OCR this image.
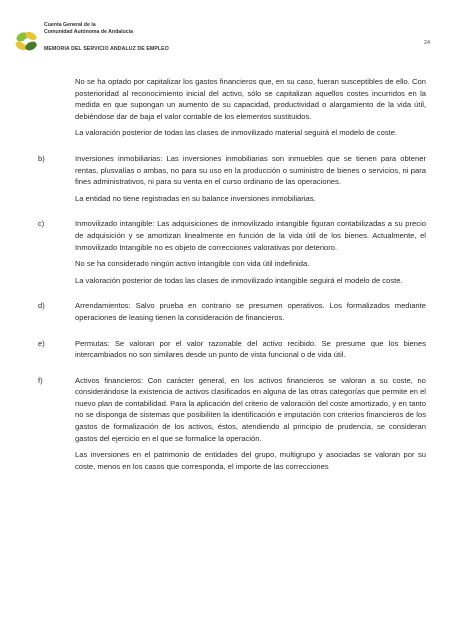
Cuenta General de la
Comunidad Autónoma de Andalucía
MEMORIA DEL SERVICIO ANDALUZ DE EMPLEO
24

No se ha optado por capitalizar los gastos financieros que, en su caso, fueran susceptibles de ello. Con posterioridad al reconocimiento inicial del activo, sólo se capitalizan aquellos costes incurridos en la medida en que supongan un aumento de su capacidad, productividad o alargamiento de la vida útil, debiéndose dar de baja el valor contable de los elementos sustituidos.

La valoración posterior de todas las clases de inmovilizado material seguirá el modelo de coste.

b)	Inversiones inmobiliarias: Las inversiones inmobiliarias son inmuebles que se tienen para obtener rentas, plusvalías o ambas, no para su uso en la producción o suministro de bienes o servicios, ni para fines administrativos, ni para su venta en el curso ordinario de las operaciones.

La entidad no tiene registradas en su balance inversiones inmobiliarias.

c)	Inmovilizado intangible: Las adquisiciones de inmovilizado intangible figuran contabilizadas a su precio de adquisición y se amortizan linealmente en función de la vida útil de los bienes. Actualmente, el Inmovilizado Intangible no es objeto de correcciones valorativas por deterioro.

No se ha considerado ningún activo intangible con vida útil indefinida.

La valoración posterior de todas las clases de inmovilizado intangible seguirá el modelo de coste.

d)	Arrendamientos: Salvo prueba en contrario se presumen operativos. Los formalizados mediante operaciones de leasing tienen la consideración de financieros.

e)	Permutas: Se valoran por el valor razonable del activo recibido. Se presume que los bienes intercambiados no son similares desde un punto de vista funcional o de vida útil.

f)	Activos financieros: Con carácter general, en los activos financieros se valoran a su coste, no considerándose la existencia de activos clasificados en alguna de las otras categorías que permite en el nuevo plan de contabilidad. Para la aplicación del criterio de valoración del coste amortizado, y en tanto no se disponga de sistemas que posibiliten la identificación e imputación con criterios financieros de los gastos de formalización de los activos, éstos, atendiendo al principio de prudencia, se consideran gastos del ejercicio en el que se formalice la operación.

Las inversiones en el patrimonio de entidades del grupo, multigrupo y asociadas se valoran por su coste, menos en los casos que corresponda, el importe de las correcciones
